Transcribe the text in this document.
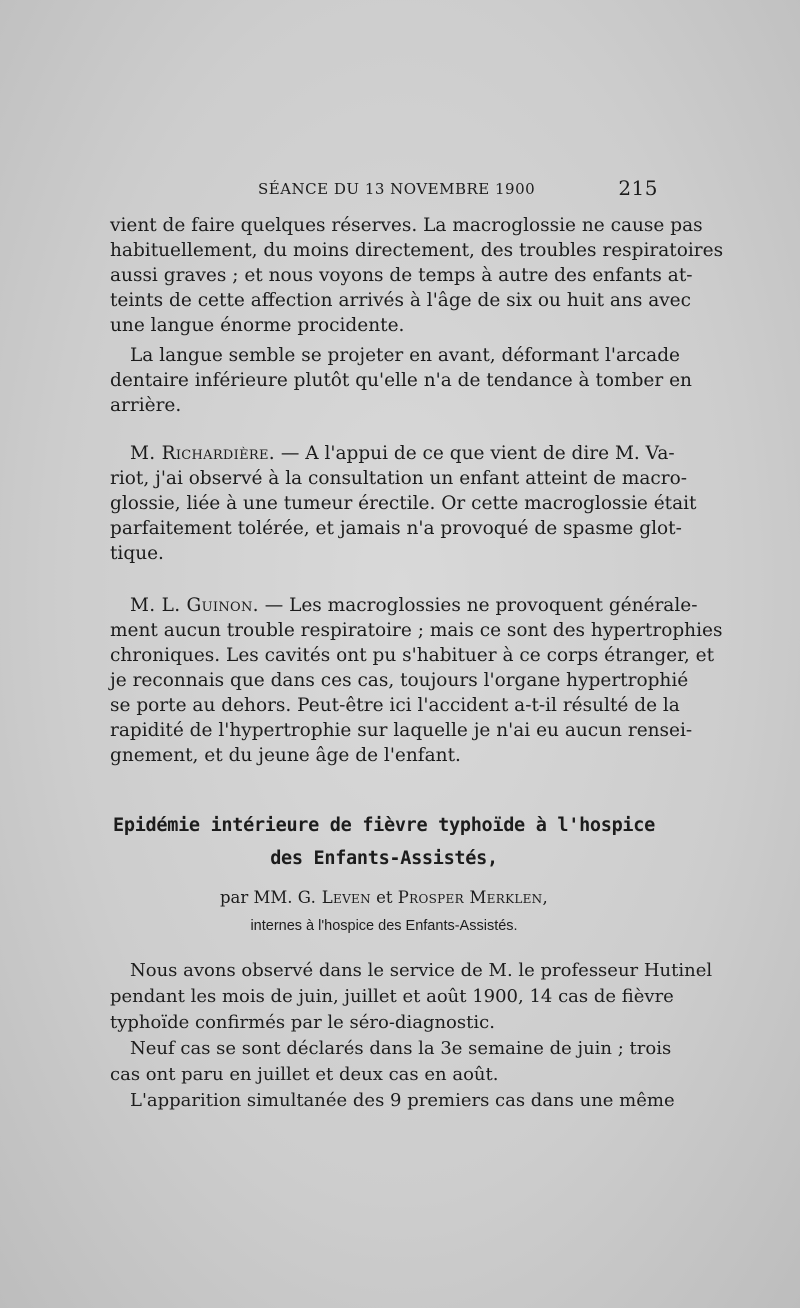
SÉANCE DU 13 NOVEMBRE 1900	215
vient de faire quelques réserves. La macroglossie ne cause pas
habituellement, du moins directement, des troubles respiratoires
aussi graves ; et nous voyons de temps à autre des enfants at-
teints de cette affection arrivés à l'âge de six ou huit ans avec
une langue énorme procidente.
La langue semble se projeter en avant, déformant l'arcade
dentaire inférieure plutôt qu'elle n'a de tendance à tomber en
arrière.
M. Richardière. — A l'appui de ce que vient de dire M. Va-
riot, j'ai observé à la consultation un enfant atteint de macro-
glossie, liée à une tumeur érectile. Or cette macroglossie était
parfaitement tolérée, et jamais n'a provoqué de spasme glot-
tique.
M. L. Guinon. — Les macroglossies ne provoquent générale-
ment aucun trouble respiratoire ; mais ce sont des hypertrophies
chroniques. Les cavités ont pu s'habituer à ce corps étranger, et
je reconnais que dans ces cas, toujours l'organe hypertrophié
se porte au dehors. Peut-être ici l'accident a-t-il résulté de la
rapidité de l'hypertrophie sur laquelle je n'ai eu aucun rensei-
gnement, et du jeune âge de l'enfant.
Epidémie intérieure de fièvre typhoïde à l'hospice
des Enfants-Assistés,
par MM. G. Leven et Prosper Merklen,
internes à l'hospice des Enfants-Assistés.
Nous avons observé dans le service de M. le professeur Hutinel
pendant les mois de juin, juillet et août 1900, 14 cas de fièvre
typhoïde confirmés par le séro-diagnostic.
Neuf cas se sont déclarés dans la 3e semaine de juin ; trois
cas ont paru en juillet et deux cas en août.
L'apparition simultanée des 9 premiers cas dans une même
